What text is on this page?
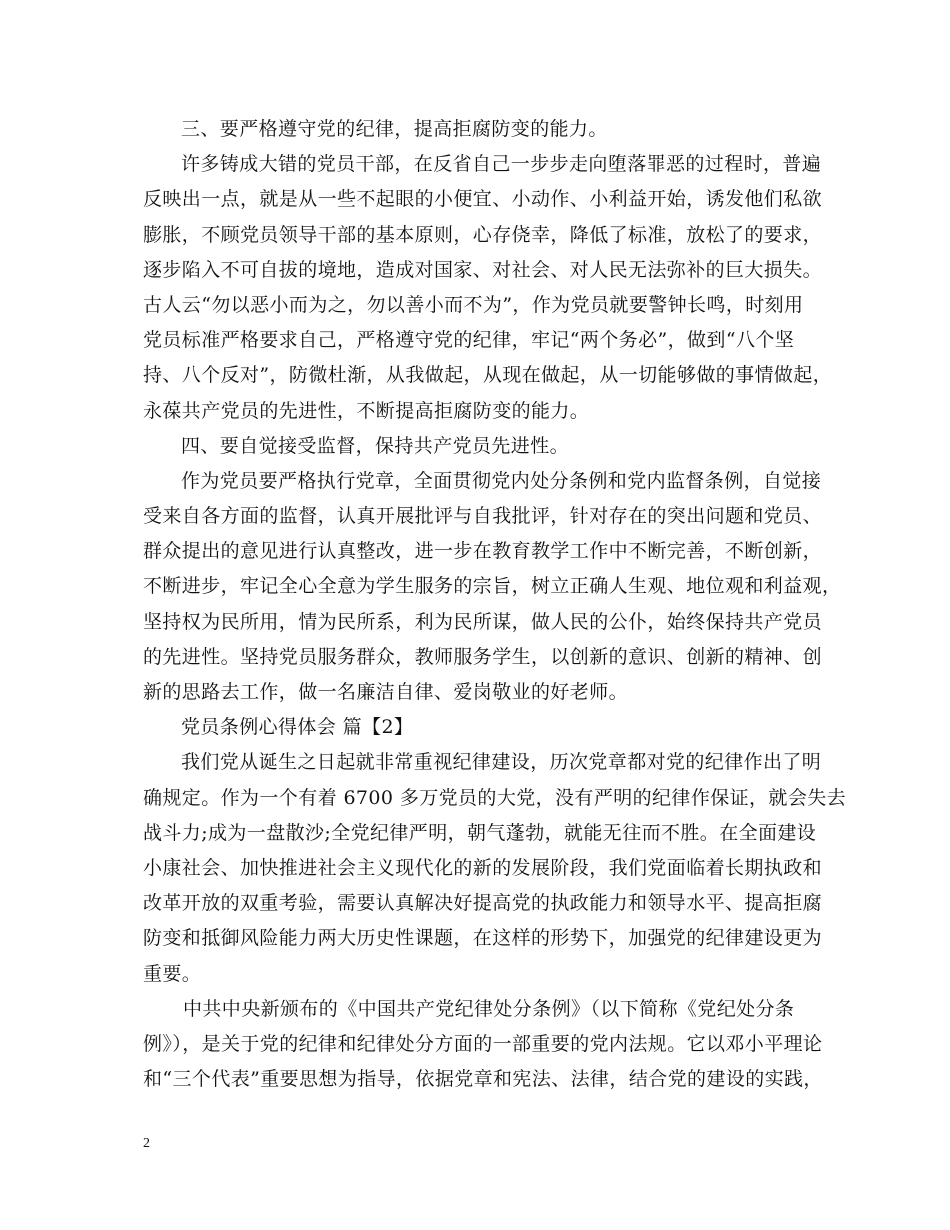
三、要严格遵守党的纪律，提高拒腐防变的能力。
许多铸成大错的党员干部，在反省自己一步步走向堕落罪恶的过程时，普遍
反映出一点，就是从一些不起眼的小便宜、小动作、小利益开始，诱发他们私欲
膨胀，不顾党员领导干部的基本原则，心存侥幸，降低了标准，放松了的要求，
逐步陷入不可自拔的境地，造成对国家、对社会、对人民无法弥补的巨大损失。
古人云“勿以恶小而为之，勿以善小而不为”，作为党员就要警钟长鸣，时刻用
党员标准严格要求自己，严格遵守党的纪律，牢记“两个务必”，做到“八个坚
持、八个反对”，防微杜渐，从我做起，从现在做起，从一切能够做的事情做起，
永葆共产党员的先进性，不断提高拒腐防变的能力。
四、要自觉接受监督，保持共产党员先进性。
作为党员要严格执行党章，全面贯彻党内处分条例和党内监督条例，自觉接
受来自各方面的监督，认真开展批评与自我批评，针对存在的突出问题和党员、
群众提出的意见进行认真整改，进一步在教育教学工作中不断完善，不断创新，
不断进步，牢记全心全意为学生服务的宗旨，树立正确人生观、地位观和利益观，
坚持权为民所用，情为民所系，利为民所谋，做人民的公仆，始终保持共产党员
的先进性。坚持党员服务群众，教师服务学生，以创新的意识、创新的精神、创
新的思路去工作，做一名廉洁自律、爱岗敬业的好老师。
党员条例心得体会 篇【2】
我们党从诞生之日起就非常重视纪律建设，历次党章都对党的纪律作出了明
确规定。作为一个有着 6700 多万党员的大党，没有严明的纪律作保证，就会失去
战斗力;成为一盘散沙;全党纪律严明，朝气蓬勃，就能无往而不胜。在全面建设
小康社会、加快推进社会主义现代化的新的发展阶段，我们党面临着长期执政和
改革开放的双重考验，需要认真解决好提高党的执政能力和领导水平、提高拒腐
防变和抵御风险能力两大历史性课题，在这样的形势下，加强党的纪律建设更为
重要。
中共中央新颁布的《中国共产党纪律处分条例》（以下简称《党纪处分条
例》），是关于党的纪律和纪律处分方面的一部重要的党内法规。它以邓小平理论
和“三个代表”重要思想为指导，依据党章和宪法、法律，结合党的建设的实践，
2
